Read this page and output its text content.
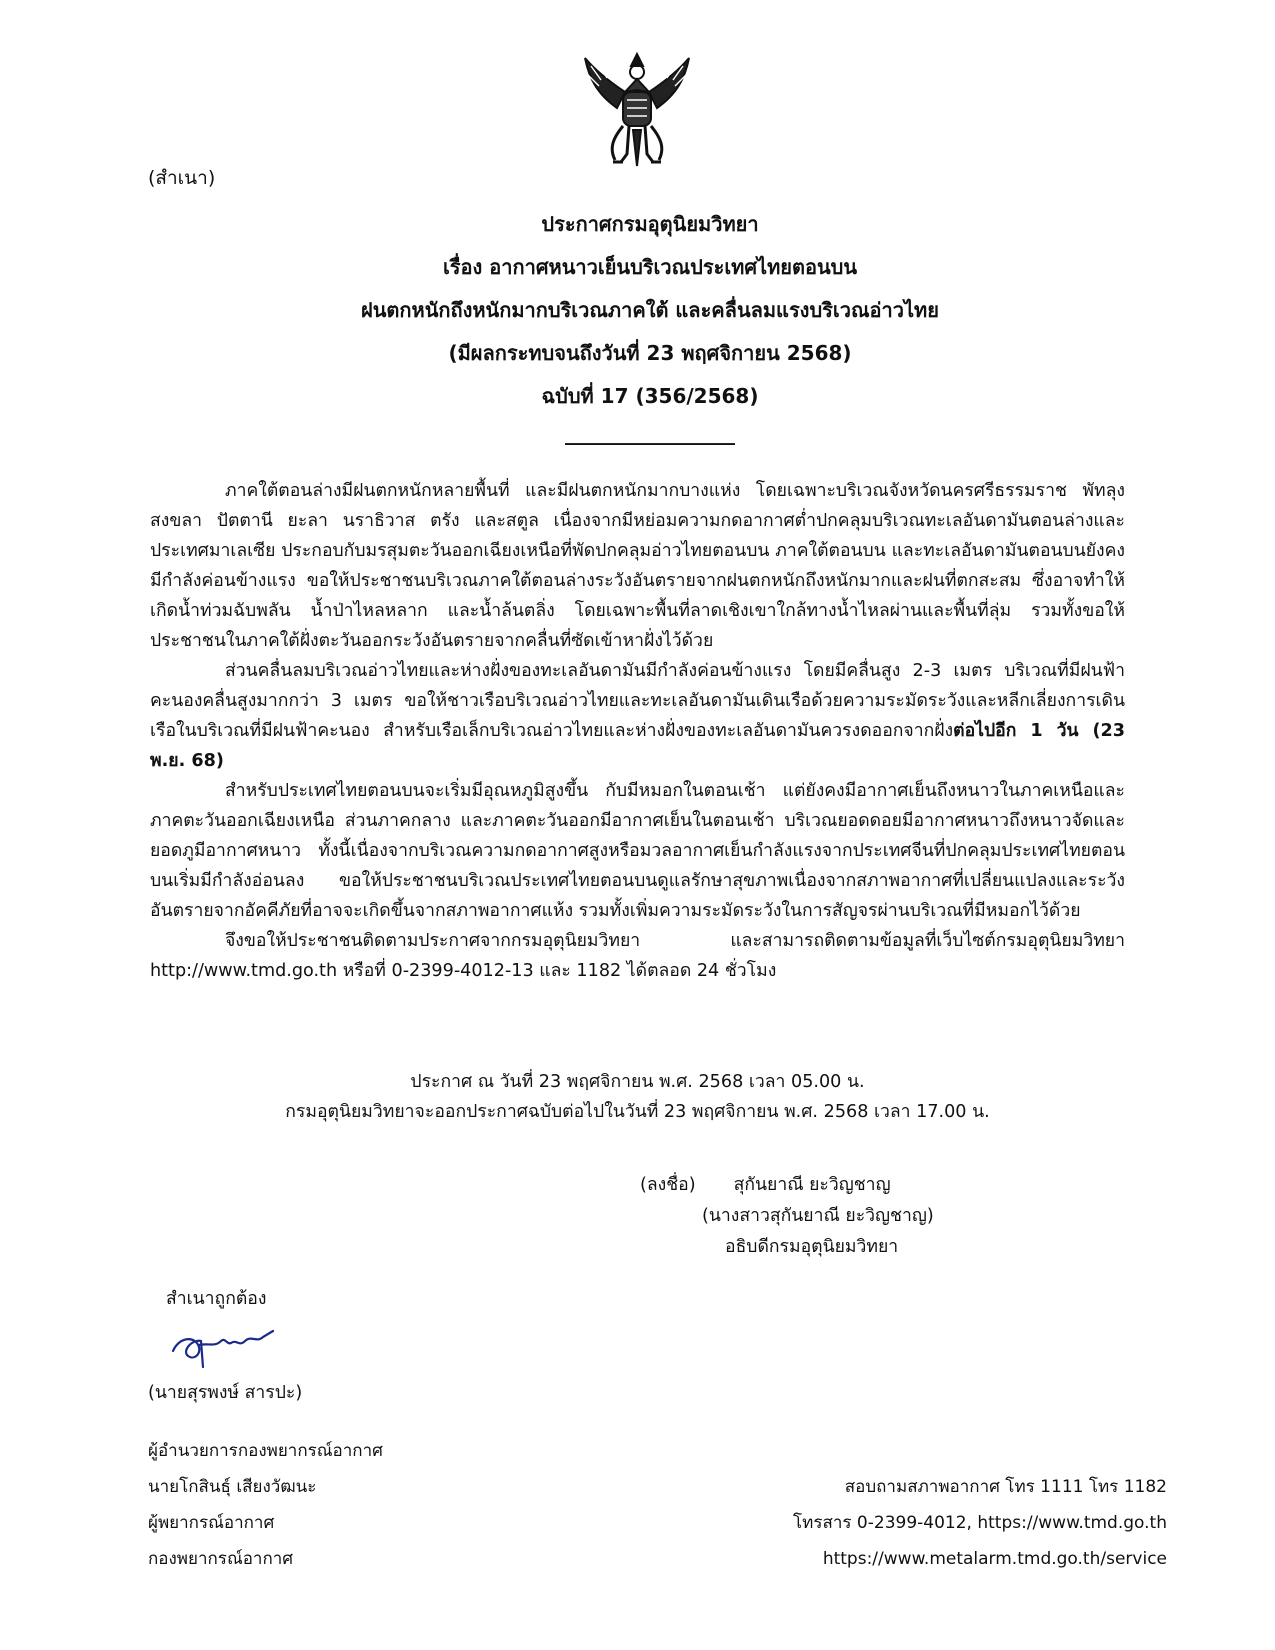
(สำเนา)
ประกาศกรมอุตุนิยมวิทยา
เรื่อง อากาศหนาวเย็นบริเวณประเทศไทยตอนบน
ฝนตกหนักถึงหนักมากบริเวณภาคใต้ และคลื่นลมแรงบริเวณอ่าวไทย
(มีผลกระทบจนถึงวันที่ 23 พฤศจิกายน 2568)
ฉบับที่ 17 (356/2568)
_________________

ภาคใต้ตอนล่างมีฝนตกหนักหลายพื้นที่ และมีฝนตกหนักมากบางแห่ง โดยเฉพาะบริเวณจังหวัดนครศรีธรรมราช พัทลุง สงขลา ปัตตานี ยะลา นราธิวาส ตรัง และสตูล เนื่องจากมีหย่อมความกดอากาศต่ำปกคลุมบริเวณทะเลอันดามันตอนล่างและประเทศมาเลเซีย ประกอบกับมรสุมตะวันออกเฉียงเหนือที่พัดปกคลุมอ่าวไทยตอนบน ภาคใต้ตอนบน และทะเลอันดามันตอนบนยังคงมีกำลังค่อนข้างแรง ขอให้ประชาชนบริเวณภาคใต้ตอนล่างระวังอันตรายจากฝนตกหนักถึงหนักมากและฝนที่ตกสะสม ซึ่งอาจทำให้เกิดน้ำท่วมฉับพลัน น้ำป่าไหลหลาก และน้ำล้นตลิ่ง โดยเฉพาะพื้นที่ลาดเชิงเขาใกล้ทางน้ำไหลผ่านและพื้นที่ลุ่ม รวมทั้งขอให้ประชาชนในภาคใต้ฝั่งตะวันออกระวังอันตรายจากคลื่นที่ซัดเข้าหาฝั่งไว้ด้วย

ส่วนคลื่นลมบริเวณอ่าวไทยและห่างฝั่งของทะเลอันดามันมีกำลังค่อนข้างแรง โดยมีคลื่นสูง 2-3 เมตร บริเวณที่มีฝนฟ้าคะนองคลื่นสูงมากกว่า 3 เมตร ขอให้ชาวเรือบริเวณอ่าวไทยและทะเลอันดามันเดินเรือด้วยความระมัดระวังและหลีกเลี่ยงการเดินเรือในบริเวณที่มีฝนฟ้าคะนอง สำหรับเรือเล็กบริเวณอ่าวไทยและห่างฝั่งของทะเลอันดามันควรงดออกจากฝั่งต่อไปอีก 1 วัน (23 พ.ย. 68)

สำหรับประเทศไทยตอนบนจะเริ่มมีอุณหภูมิสูงขึ้น กับมีหมอกในตอนเช้า แต่ยังคงมีอากาศเย็นถึงหนาวในภาคเหนือและภาคตะวันออกเฉียงเหนือ ส่วนภาคกลาง และภาคตะวันออกมีอากาศเย็นในตอนเช้า บริเวณยอดดอยมีอากาศหนาวถึงหนาวจัดและยอดภูมีอากาศหนาว ทั้งนี้เนื่องจากบริเวณความกดอากาศสูงหรือมวลอากาศเย็นกำลังแรงจากประเทศจีนที่ปกคลุมประเทศไทยตอนบนเริ่มมีกำลังอ่อนลง ขอให้ประชาชนบริเวณประเทศไทยตอนบนดูแลรักษาสุขภาพเนื่องจากสภาพอากาศที่เปลี่ยนแปลงและระวังอันตรายจากอัคคีภัยที่อาจจะเกิดขึ้นจากสภาพอากาศแห้ง รวมทั้งเพิ่มความระมัดระวังในการสัญจรผ่านบริเวณที่มีหมอกไว้ด้วย

จึงขอให้ประชาชนติดตามประกาศจากกรมอุตุนิยมวิทยา และสามารถติดตามข้อมูลที่เว็บไซต์กรมอุตุนิยมวิทยา http://www.tmd.go.th หรือที่ 0-2399-4012-13 และ 1182 ได้ตลอด 24 ชั่วโมง

ประกาศ ณ วันที่ 23 พฤศจิกายน พ.ศ. 2568 เวลา 05.00 น.
กรมอุตุนิยมวิทยาจะออกประกาศฉบับต่อไปในวันที่ 23 พฤศจิกายน พ.ศ. 2568 เวลา 17.00 น.
(ลงชื่อ) สุกันยาณี ยะวิญชาญ
(นางสาวสุกันยาณี ยะวิญชาญ)
อธิบดีกรมอุตุนิยมวิทยา
สำเนาถูกต้อง
(นายสุรพงษ์ สารปะ)
ผู้อำนวยการกองพยากรณ์อากาศ
นายโกสินธุ์ เสียงวัฒนะ
ผู้พยากรณ์อากาศ
กองพยากรณ์อากาศ
สอบถามสภาพอากาศ โทร 1111 โทร 1182
โทรสาร 0-2399-4012, https://www.tmd.go.th
https://www.metalarm.tmd.go.th/service
